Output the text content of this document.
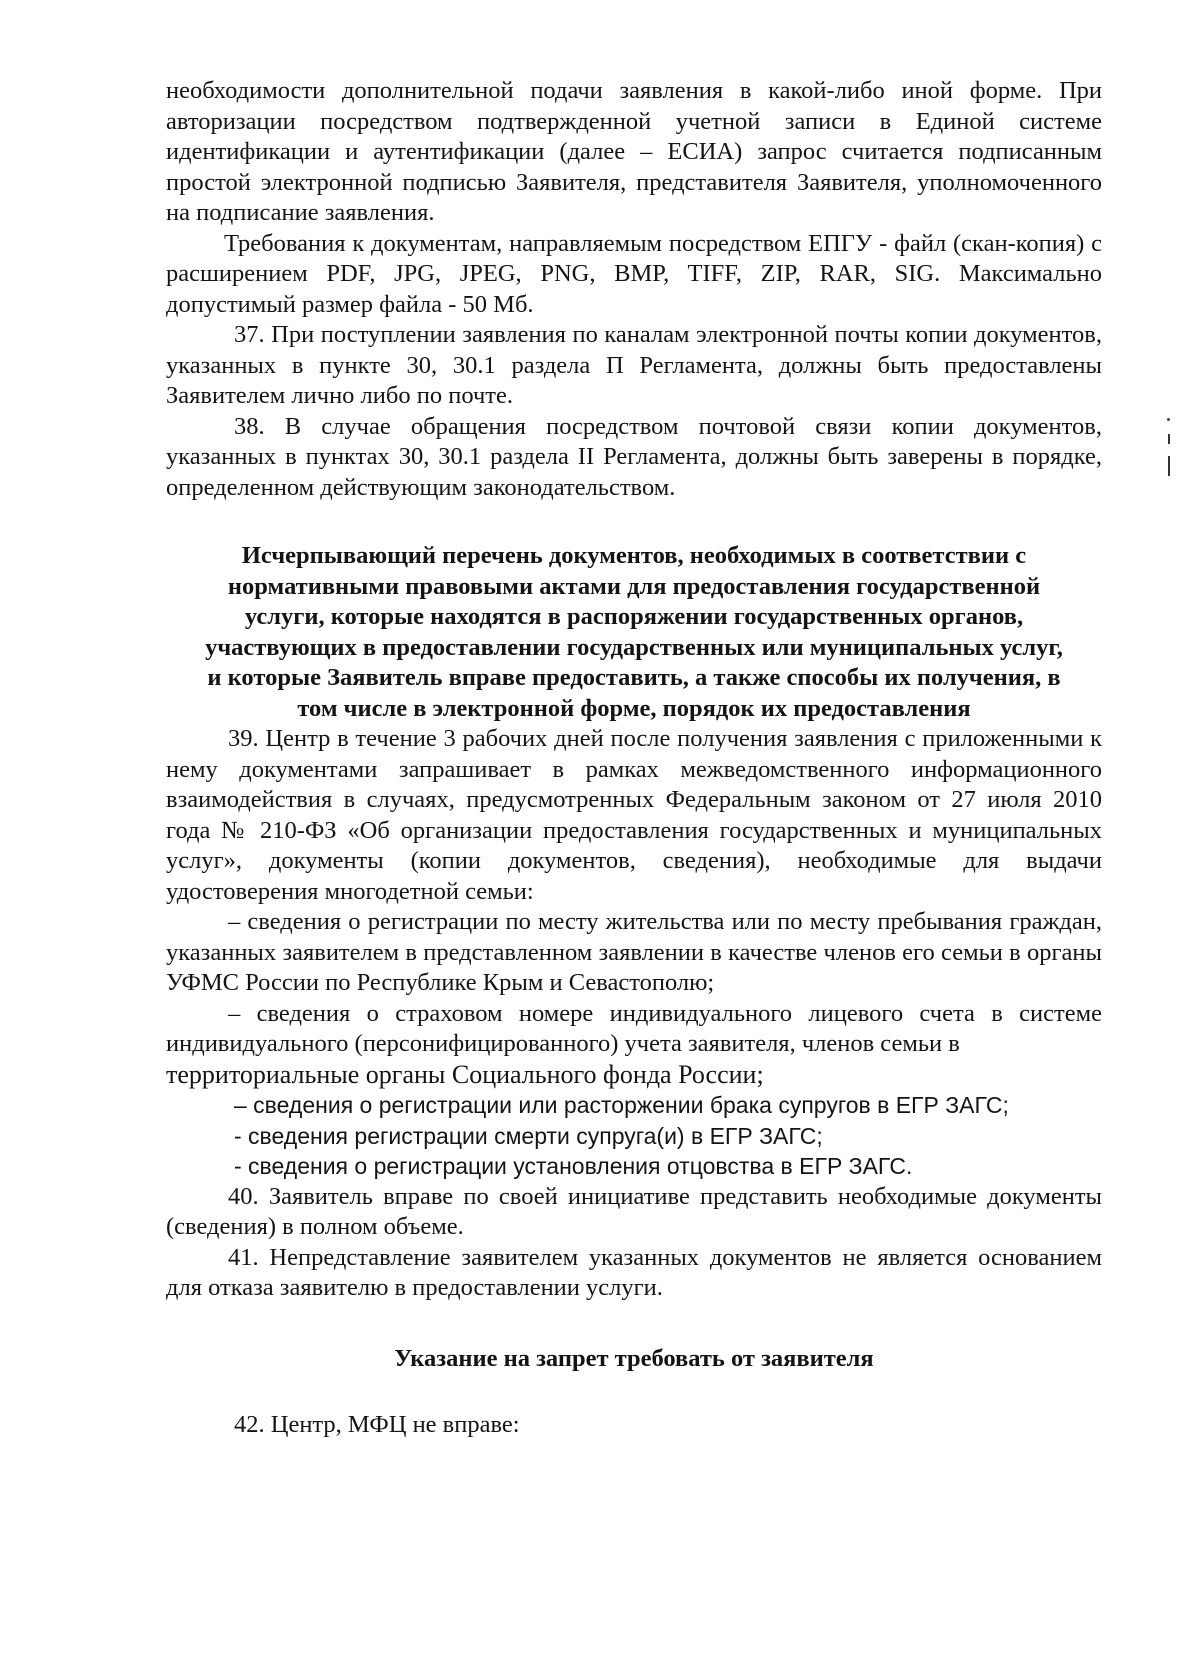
необходимости дополнительной подачи заявления в какой-либо иной форме. При авторизации посредством подтвержденной учетной записи в Единой системе идентификации и аутентификации (далее – ЕСИА) запрос считается подписанным простой электронной подписью Заявителя, представителя Заявителя, уполномоченного на подписание заявления.

Требования к документам, направляемым посредством ЕПГУ - файл (скан-копия) с расширением PDF, JPG, JPEG, PNG, BMP, TIFF, ZIP, RAR, SIG. Максимально допустимый размер файла - 50 Мб.

37. При поступлении заявления по каналам электронной почты копии документов, указанных в пункте 30, 30.1 раздела П Регламента, должны быть предоставлены Заявителем лично либо по почте.

38. В случае обращения посредством почтовой связи копии документов, указанных в пунктах 30, 30.1 раздела II Регламента, должны быть заверены в порядке, определенном действующим законодательством.

Исчерпывающий перечень документов, необходимых в соответствии с нормативными правовыми актами для предоставления государственной услуги, которые находятся в распоряжении государственных органов, участвующих в предоставлении государственных или муниципальных услуг, и которые Заявитель вправе предоставить, а также способы их получения, в том числе в электронной форме, порядок их предоставления

39. Центр в течение 3 рабочих дней после получения заявления с приложенными к нему документами запрашивает в рамках межведомственного информационного взаимодействия в случаях, предусмотренных Федеральным законом от 27 июля 2010 года № 210-ФЗ «Об организации предоставления государственных и муниципальных услуг», документы (копии документов, сведения), необходимые для выдачи удостоверения многодетной семьи:

– сведения о регистрации по месту жительства или по месту пребывания граждан, указанных заявителем в представленном заявлении в качестве членов его семьи в органы УФМС России по Республике Крым и Севастополю;

– сведения о страховом номере индивидуального лицевого счета в системе индивидуального (персонифицированного) учета заявителя, членов семьи в

территориальные органы Социального фонда России;

– сведения о регистрации или расторжении брака супругов в ЕГР ЗАГС;

- сведения регистрации смерти супруга(и) в ЕГР ЗАГС;

- сведения о регистрации установления отцовства в ЕГР ЗАГС.

40. Заявитель вправе по своей инициативе представить необходимые документы (сведения) в полном объеме.

41. Непредставление заявителем указанных документов не является основанием для отказа заявителю в предоставлении услуги.

Указание на запрет требовать от заявителя

42. Центр, МФЦ не вправе:
